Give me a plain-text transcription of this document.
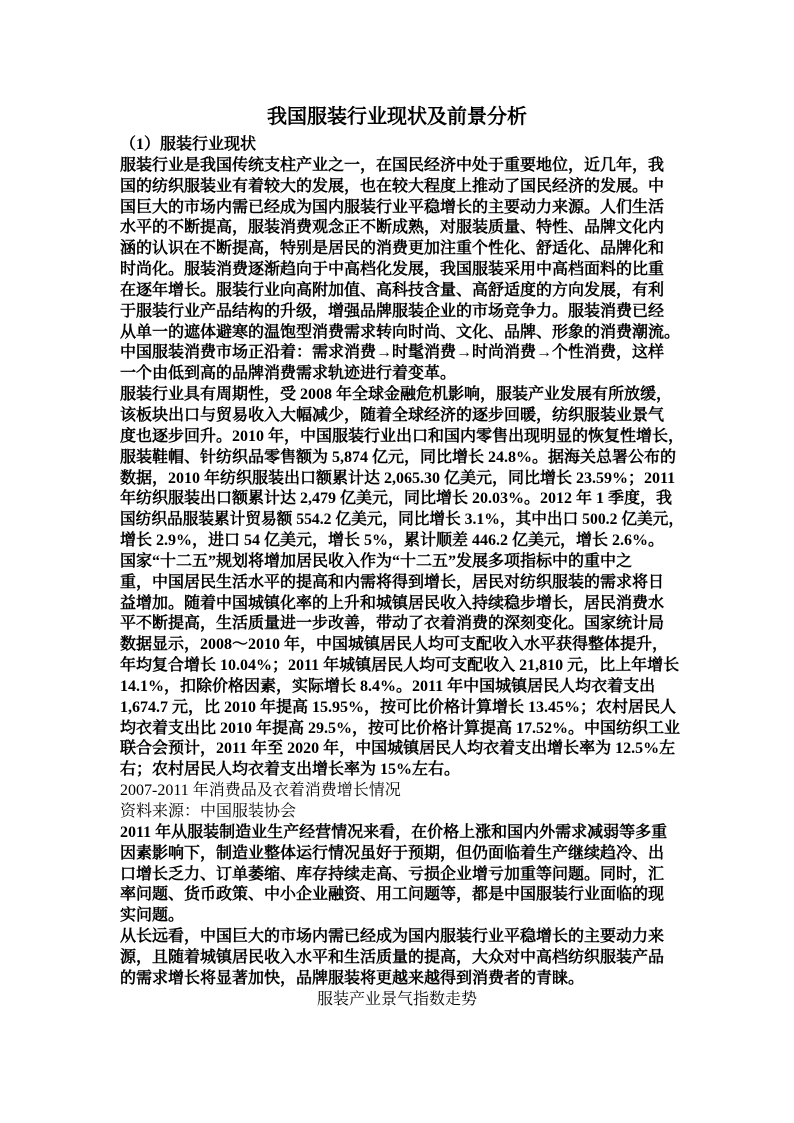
我国服装行业现状及前景分析
（1）服装行业现状
服装行业是我国传统支柱产业之一，在国民经济中处于重要地位，近几年，我
国的纺织服装业有着较大的发展，也在较大程度上推动了国民经济的发展。中
国巨大的市场内需已经成为国内服装行业平稳增长的主要动力来源。人们生活
水平的不断提高，服装消费观念正不断成熟，对服装质量、特性、品牌文化内
涵的认识在不断提高，特别是居民的消费更加注重个性化、舒适化、品牌化和
时尚化。服装消费逐渐趋向于中高档化发展，我国服装采用中高档面料的比重
在逐年增长。服装行业向高附加值、高科技含量、高舒适度的方向发展，有利
于服装行业产品结构的升级，增强品牌服装企业的市场竞争力。服装消费已经
从单一的遮体避寒的温饱型消费需求转向时尚、文化、品牌、形象的消费潮流。
中国服装消费市场正沿着：需求消费→时髦消费→时尚消费→个性消费，这样
一个由低到高的品牌消费需求轨迹进行着变革。
服装行业具有周期性，受 2008 年全球金融危机影响，服装产业发展有所放缓，
该板块出口与贸易收入大幅减少，随着全球经济的逐步回暖，纺织服装业景气
度也逐步回升。2010 年，中国服装行业出口和国内零售出现明显的恢复性增长，
服装鞋帽、针纺织品零售额为 5,874 亿元，同比增长 24.8%。据海关总署公布的
数据，2010 年纺织服装出口额累计达 2,065.30 亿美元，同比增长 23.59%；2011
年纺织服装出口额累计达 2,479 亿美元，同比增长 20.03%。2012 年 1 季度，我
国纺织品服装累计贸易额 554.2 亿美元，同比增长 3.1%，其中出口 500.2 亿美元，
增长 2.9%，进口 54 亿美元，增长 5%，累计顺差 446.2 亿美元，增长 2.6%。
国家“十二五”规划将增加居民收入作为“十二五”发展多项指标中的重中之
重，中国居民生活水平的提高和内需将得到增长，居民对纺织服装的需求将日
益增加。随着中国城镇化率的上升和城镇居民收入持续稳步增长，居民消费水
平不断提高，生活质量进一步改善，带动了衣着消费的深刻变化。国家统计局
数据显示，2008～2010 年，中国城镇居民人均可支配收入水平获得整体提升，
年均复合增长 10.04%；2011 年城镇居民人均可支配收入 21,810 元，比上年增长
14.1%，扣除价格因素，实际增长 8.4%。2011 年中国城镇居民人均衣着支出
1,674.7 元，比 2010 年提高 15.95%，按可比价格计算增长 13.45%；农村居民人
均衣着支出比 2010 年提高 29.5%，按可比价格计算提高 17.52%。中国纺织工业
联合会预计，2011 年至 2020 年，中国城镇居民人均衣着支出增长率为 12.5%左
右；农村居民人均衣着支出增长率为 15%左右。
2007-2011 年消费品及衣着消费增长情况
资料来源：中国服装协会
2011 年从服装制造业生产经营情况来看，在价格上涨和国内外需求减弱等多重
因素影响下，制造业整体运行情况虽好于预期，但仍面临着生产继续趋冷、出
口增长乏力、订单萎缩、库存持续走高、亏损企业增亏加重等问题。同时，汇
率问题、货币政策、中小企业融资、用工问题等，都是中国服装行业面临的现
实问题。
从长远看，中国巨大的市场内需已经成为国内服装行业平稳增长的主要动力来
源，且随着城镇居民收入水平和生活质量的提高，大众对中高档纺织服装产品
的需求增长将显著加快，品牌服装将更越来越得到消费者的青睐。
服装产业景气指数走势
